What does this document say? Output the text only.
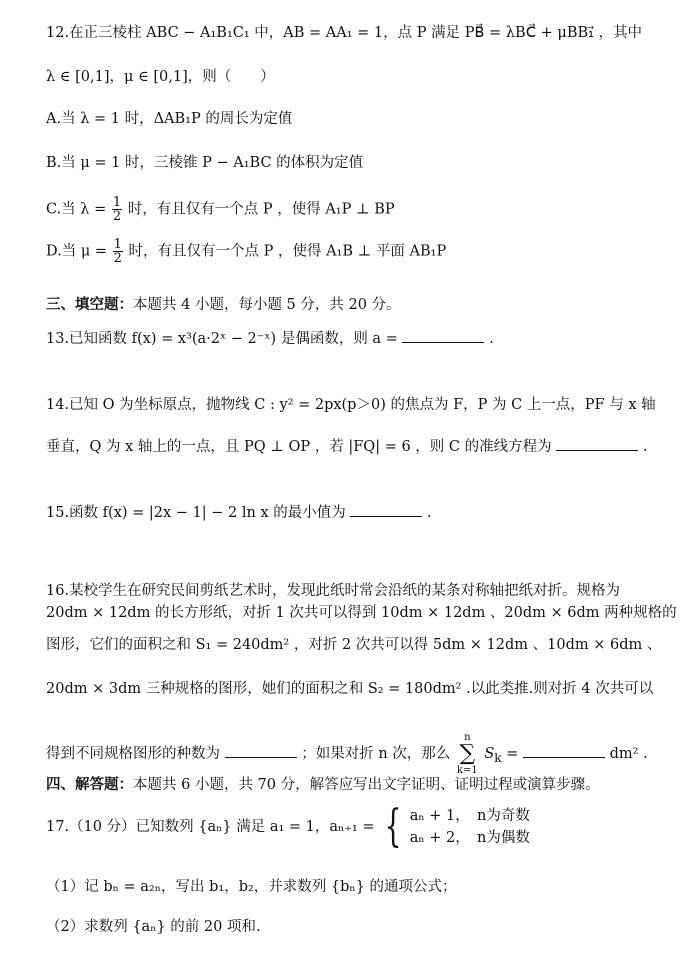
12.在正三棱柱 ABC − A₁B₁C₁ 中，AB = AA₁ = 1，点 P 满足 PB⃗ = λBC⃗ + μBB₁⃗ ，其中
λ ∈ [0,1]，μ ∈ [0,1]，则（　　）
A.当 λ = 1 时，ΔAB₁P 的周长为定值
B.当 μ = 1 时，三棱锥 P − A₁BC 的体积为定值
C.当 $\lambda = \frac{1}{2}$ 时，有且仅有一个点 P ，使得 A₁P ⊥ BP
D.当 $\mu = \frac{1}{2}$ 时，有且仅有一个点 P ，使得 A₁B ⊥ 平面 AB₁P
三、填空题：本题共 4 小题，每小题 5 分，共 20 分。
13.已知函数 f(x) = x³(a·2ˣ − 2⁻ˣ) 是偶函数，则 a =	.
14.已知 O 为坐标原点，抛物线 C : y² = 2px(p＞0) 的焦点为 F，P 为 C 上一点，PF 与 x 轴
垂直，Q 为 x 轴上的一点，且 PQ ⊥ OP ，若 |FQ| = 6 ，则 C 的准线方程为	.
15.函数 f(x) = |2x − 1| − 2 ln x 的最小值为	.
16.某校学生在研究民间剪纸艺术时，发现此纸时常会沿纸的某条对称轴把纸对折。规格为
20dm × 12dm 的长方形纸，对折 1 次共可以得到 10dm × 12dm 、20dm × 6dm 两种规格的
图形，它们的面积之和 S₁ = 240dm² ，对折 2 次共可以得 5dm × 12dm 、10dm × 6dm 、
20dm × 3dm 三种规格的图形，她们的面积之和 S₂ = 180dm² .以此类推.则对折 4 次共可以
得到不同规格图形的种数为	；如果对折 n 次，那么 n
∑
k=1 $S_k$ =	dm² .
四、解答题：本题共 6 小题，共 70 分，解答应写出文字证明、证明过程或演算步骤。
17.（10 分）已知数列 {aₙ} 满足 a₁ = 1，aₙ₊₁ = { aₙ + 1，　n为奇数
aₙ + 2，　n为偶数
（1）记 bₙ = a₂ₙ，写出 b₁，b₂，并求数列 {bₙ} 的通项公式；
（2）求数列 {aₙ} 的前 20 项和.
